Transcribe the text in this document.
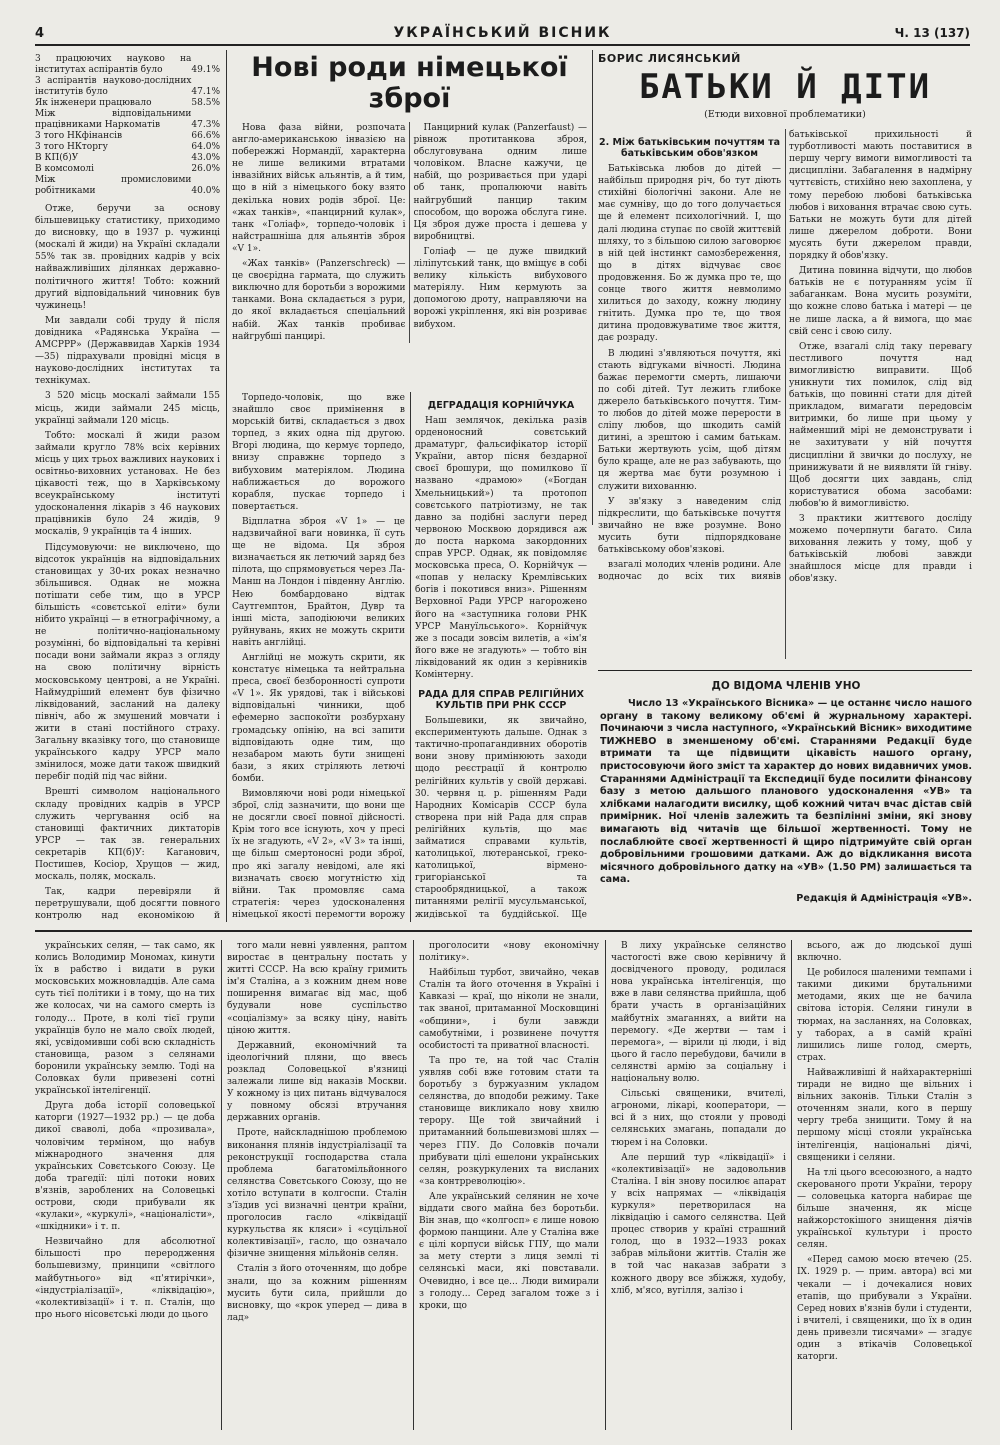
4	УКРАЇНСЬКИЙ ВІСНИК	Ч. 13 (137)
3 працюючих науково на інститутах аспірантів було	49.1%
3 аспірантів науково-дослідних інститутів було	47.1%
Як інженери працювало	58.5%
Між відповідальними працівниками Наркоматів	47.3%
3 того НКфінансів	66.6%
3 того НКторгу	64.0%
В КП(б)У	43.0%
В комсомолі	26.0%
Між промисловими робітниками	40.0%

Отже, беручи за основу більшевицьку статистику, приходимо до висновку, що в 1937 р. чужинці (москалі й жиди) на Україні складали 55% так зв. провідних кадрів у всіх найважливіших ділянках державно-політичного життя! Тобто: кожний другий відповідальний чиновник був чужинець!

Ми завдали собі труду й після довідника «Радянська Україна — АМСРРР» (Державвидав Харків 1934—35) підрахували провідні місця в науково-дослідних інститутах та технікумах.

3 520 місць москалі займали 155 місць, жиди займали 245 місць, українці займали 120 місць.

Тобто: москалі й жиди разом займали кругло 78% всіх керівних місць у цих трьох важливих наукових і освітньо-виховних установах. Не без цікавості теж, що в Харківському всеукраїнському інституті удосконалення лікарів з 46 наукових працівників було 24 жидів, 9 москалів, 9 українців та 4 інших.

Підсумовуючи: не виключено, що відсоток українців на відповідальних становищах у 30-их роках незначно збільшився. Однак не можна потішати себе тим, що в УРСР більшість «совєтської еліти» були нібито українці — в етнографічному, а не політично-національному розумінні, бо відповідальні та керівні посади вони займали якраз з огляду на свою політичну вірність московському центрові, а не Україні. Наймудріший елемент був фізично ліквідований, засланий на далеку північ, або ж змушений мовчати і жити в стані постійного страху. Загальну вказівку того, що становище українського кадру УРСР мало змінилося, може дати також швидкий перебіг подій під час війни.

Врешті символом національного складу провідних кадрів в УРСР служить чергування осіб на становищі фактичних диктаторів УРСР — так зв. генеральних секретарів КП(б)У: Каганович, Постишев, Косіор, Хрущов — жид, москаль, поляк, москаль.

Так, кадри перевіряли й перетрушували, щоб досягти повного контролю над економікою й

Нові роди німецької зброї

Нова фаза війни, розпочата англо-американською інвазією на побережжі Нормандії, характерна не лише великими втратами інвазійних військ альянтів, а й тим, що в ній з німецького боку взято декілька нових родів зброї. Це: «жах танків», «панцирний кулак», танк «Голіаф», торпедо-чоловік і найстрашніша для альянтів зброя «V 1».

«Жах танків» (Panzerschreck) — це своєрідна гармата, що служить виключно для боротьби з ворожими танками. Вона складається з рури, до якої вкладається спеціальний набій. Жах танків пробиває найгрубші панцирі.

Панцирний кулак (Panzerfaust) — рівнож протитанкова зброя, обслуговувана одним лише чоловіком. Власне кажучи, це набій, що розривається при ударі об танк, пропалюючи навіть найгрубший панцир таким способом, що ворожа обслуга гине. Ця зброя дуже проста і дешева у виробництві.

Голіаф — це дуже швидкий ліліпутський танк, що вміщує в собі велику кількість вибухового матеріялу. Ним кермують за допомогою дроту, направляючи на ворожі укріплення, які він розриває вибухом.

Торпедо-чоловік, що вже знайшло своє примінення в морській битві, складається з двох торпед, з яких одна під другою. Вгорі людина, що кермує торпедо, внизу справжнє торпедо з вибуховим матеріялом. Людина наближається до ворожого корабля, пускає торпедо і повертається.

Відплатна зброя «V 1» — це надзвичайної ваги новинка, її суть ще не відома. Ця зброя визначається як летючий заряд без пілота, що спрямовується через Ла-Манш на Лондон і південну Англію. Нею бомбардовано відтак Саутгемптон, Брайтон, Дувр та інші міста, заподіюючи великих руйнувань, яких не можуть скрити навіть англійці.

Англійці не можуть скрити, як констатує німецька та нейтральна преса, своєї безборонності супроти «V 1». Як урядові, так і військові відповідальні чинники, щоб ефемерно заспокоїти розбурхану громадську опінію, на всі запити відповідають одне тим, що незабаром мають бути знищені бази, з яких стріляють летючі бомби.

Вимовляючи нові роди німецької зброї, слід зазначити, що вони ще не досягли своєї повної дійсності. Крім того все існують, хоч у пресі їх не згадують, «V 2», «V 3» та інші, ще більш смертоносні роди зброї, про які загалу невідомі, але які визначать своєю могутністю хід війни. Так промовляє сама стратегія: через удосконалення німецької якості перемогти ворожу

ДЕГРАДАЦІЯ КОРНІЙЧУКА

Наш землячок, декілька разів орденоносний совєтський драматург, фальсифікатор історії України, автор пісня бездарної своєї брошури, що помилково її названо «драмою» («Богдан Хмельницький») та протопоп совєтського патріотизму, не так давно за подібні заслуги перед червоною Москвою дорядився аж до поста наркома закордонних справ УРСР. Однак, як повідомляє московська преса, О. Корнійчук — «попав у неласку Кремлівських богів і покотився вниз». Рішенням Верховної Ради УРСР нагорожено його на «заступника голови РНК УРСР Мануїльського». Корнійчук же з посади зовсім вилетів, а «ім'я його вже не згадують» — тобто він ліквідований як один з керівників Комінтерну.

РАДА ДЛЯ СПРАВ РЕЛІГІЙНИХ КУЛЬТІВ ПРИ РНК СССР

Большевики, як звичайно, експериментують дальше. Однак з тактично-пропагандивних оборотів вони знову примінюють заходи щодо реєстрації й контролю релігійних культів у своїй державі. 30. червня ц. р. рішенням Ради Народних Комісарів СССР була створена при ній Рада для справ релігійних культів, що має займатися справами культів, католицької, лютеранської, греко-католицької, вірмено-григоріанської та старообрядницької, а також питаннями релігії мусульманської, жидівської та буддійської. Ще

БОРИС ЛИСЯНСЬКИЙ
БАТЬКИ Й ДІТИ
(Етюди виховної проблематики)
2. Між батьківським почуттям та батьківським обов'язком

Батьківська любов до дітей — найбільш природня річ, бо тут діють стихійні біологічні закони. Але не має сумніву, що до того долучається ще й елемент психологічний. І, що далі людина ступає по своїй життєвій шляху, то з більшою силою заговорює в ній цей інстинкт самозбереження, що в дітях відчуває своє продовження. Бо ж думка про те, що сонце твого життя невмолимо хилиться до заходу, кожну людину гнітить. Думка про те, що твоя дитина продовжуватиме твоє життя, дає розраду.

В людині з'являються почуття, які стають відгуками вічності. Людина бажає перемогти смерть, лишаючи по собі дітей. Тут лежить глибоке джерело батьківського почуття. Тим-то любов до дітей може перерости в сліпу любов, що шкодить самій дитині, а зрештою і самим батькам. Батьки жертвують усім, щоб дітям було краще, але не раз забувають, що ця жертва має бути розумною і служити вихованню.

У зв'язку з наведеним слід підкреслити, що батьківське почуття звичайно не вже розумне. Воно мусить бути підпорядковане батьківському обов'язкові.

взагалі молодих членів родини. Але водночас до всіх тих виявів батьківської прихильності й турботливості мають поставитися в першу чергу вимоги вимогливості та дисципліни. Забагалення в надмірну чуттєвість, стихійно нею захоплена, у тому перебою любові батьківська любов і виховання втрачає свою суть. Батьки не можуть бути для дітей лише джерелом доброти. Вони мусять бути джерелом правди, порядку й обов'язку.

Дитина повинна відчути, що любов батьків не є потуранням усім її забаганкам. Вона мусить розуміти, що кожне слово батька і матері — це не лише ласка, а й вимога, що має свій сенс і свою силу.

Отже, взагалі слід таку перевагу пестливого почуття над вимогливістю виправити. Щоб уникнути тих помилок, слід від батьків, що повинні стати для дітей прикладом, вимагати передовсім витримки, бо лише при цьому у найменший мірі не демонструвати і не захитувати у ній почуття дисципліни й звички до послуху, не принижувати й не виявляти їй гніву. Щоб досягти цих завдань, слід користуватися обома засобами: любов'ю й вимогливістю.

З практики життєвого досліду можемо почерпнути багато. Сила виховання лежить у тому, щоб у батьківській любові завжди знайшлося місце для правди і обов'язку.

ДО ВІДОМА ЧЛЕНІВ УНО

Число 13 «Українського Вісника» — це останнє число нашого органу в такому великому об'ємі й журнальному характері. Починаючи з числа наступного, «Український Вісник» виходитиме ТИЖНЕВО в зменшеному об'ємі. Стараннями Редакції буде втримати та ще підвищити цікавість нашого органу, пристосовуючи його зміст та характер до нових видавничих умов. Стараннями Адміністрації та Експедиції буде посилити фінансову базу з метою дальшого планового удосконалення «УВ» та хлібками налагодити висилку, щоб кожний читач вчас дістав свій примірник. Ної членів залежить та безпілінні зміни, які знову вимагають від читачів ще більшої жертвенності. Тому не послаблюйте своєї жертвенності й щиро підтримуйте свій орган добровільними грошовими датками. Аж до відкликання висота місячного добровільного датку на «УВ» (1.50 РМ) залишається та сама.

Редакція й Адміністрація «УВ».

українських селян, — так само, як колись Володимир Мономах, кинути їх в рабство і видати в руки московських можновладців. Але сама суть тієї політики і в тому, що на тих же колосах, чи на самого смерть із голоду... Проте, в колі тієї групи українців було не мало своїх людей, які, усвідомивши собі всю складність становища, разом з селянами боронили українську землю. Тоді на Соловках були привезені сотні української інтелігенції.

Друга доба історії соловецької каторги (1927—1932 рр.) — це доба дикої сваволі, доба «прозивала», чоловічим терміном, що набув міжнародного значення для українських Совєтського Союзу. Це доба трагедії: цілі потоки нових в'язнів, зароблених на Соловецькі острови, сюди прибували як «кулаки», «куркулі», «націоналісти», «шкідники» і т. п.

Незвичайно для абсолютної більшості про переродження большевизму, принципи «світлого майбутнього» від «п'ятирічки», «індустріалізації», «ліквідацію», «колективізації» і т. п. Сталін, що про нього нісовєтські люди до цього

того мали невні уявлення, раптом виростає в центральну постать у житті СССР. На всю країну гримить ім'я Сталіна, а з кожним днем нове поширення вимагає від мас, щоб будували нове суспільство «соціалізму» за всяку ціну, навіть ціною життя.

Державний, економічний та ідеологічний пляни, що ввесь розклад Соловецької в'язниці залежали лише від наказів Москви. У кожному із цих питань відчувалося у повному обсязі втручання державних органів.

Проте, найскладнішою проблемою виконання плянів індустріалізації та реконструкції господарства стала проблема багатомільйонного селянства Совєтського Союзу, що не хотіло вступати в колгоспи. Сталін з’їздив усі визначні центри країни, проголосив гасло «ліквідації куркульства як кляси» і «суцільної колективізації», гасло, що означало фізичне знищення мільйонів селян.

Сталін з його оточенням, що добре знали, що за кожним рішенням мусить бути сила, прийшли до висновку, що «крок уперед — дива в лад»

проголосити «нову економічну політику».

Найбільш турбот, звичайно, чекав Сталін та його оточення в Україні і Кавказі — краї, що ніколи не знали, так званої, притаманної Московщині «общини», і були завжди самобутніми, і розвинене почуття особистості та приватної власності.

Та про те, на той час Сталін уявляв собі вже готовим стати та боротьбу з буржуазним укладом селянства, до вподоби режиму. Таке становище викликало нову хвилю терору. Ще той звичайний і притаманний большевизмові шлях — через ГПУ. До Соловків почали прибувати цілі ешелони українських селян, розкуркулених та висланих «за контрреволюцію».

Але український селянин не хоче віддати свого майна без боротьби. Він знав, що «колгосп» є лише новою формою панщини. Але у Сталіна вже є цілі корпуси військ ГПУ, що мали за мету стерти з лиця землі ті селянські маси, які повставали. Очевидно, і все це... Люди вимирали з голоду... Серед загалом тоже з і кроки, що

В лиху українське селянство частогості вже свою керівничу й досвідченого проводу, родилася нова українська інтелігенція, що вже в лави селянства прийшла, щоб брати участь в організаційних майбутніх змаганнях, а вийти на перемогу. «Де жертви — там і перемога», — вірили ці люди, і від цього й гасло перебудови, бачили в селянстві армію за соціальну і національну волю.

Сільські священики, вчителі, агрономи, лікарі, кооператори, — всі й з них, що стояли у проводі селянських змагань, попадали до тюрем і на Соловки.

Але перший тур «ліквідації» і «колективізації» не задовольнив Сталіна. І він знову посилює апарат у всіх напрямах — «ліквідація куркуля» перетворилася на ліквідацію і самого селянства. Цей процес створив у країні страшний голод, що в 1932—1933 роках забрав мільйони життів. Сталін же в той час наказав забрати з кожного двору все збіжжя, худобу, хліб, м'ясо, вугілля, залізо і

всього, аж до людської душі включно.

Це робилося шаленими темпами і такими дикими брутальними методами, яких ще не бачила світова історія. Селяни гинули в тюрмах, на засланнях, на Соловках, у таборах, а в самій країні лишились лише голод, смерть, страх.

Найважливіші й найхарактерніші тиради не видно ще вільних і вільних законів. Тільки Сталін з оточенням знали, кого в першу чергу треба знищити. Тому й на першому місці стояли українська інтелігенція, національні діячі, священики і селяни.

На тлі цього всесоюзного, а надто скерованого проти України, терору — соловецька каторга набирає ще більше значення, як місце найжорстокішого знищення діячів української культури і просто селян.

«Перед самою моєю втечею (25. IX. 1929 р. — прим. автора) всі ми чекали — і дочекалися нових етапів, що прибували з України. Серед нових в'язнів були і студенти, і вчителі, і священики, що їх в один день привезли тисячами» — згадує один з втікачів Соловецької каторги.
